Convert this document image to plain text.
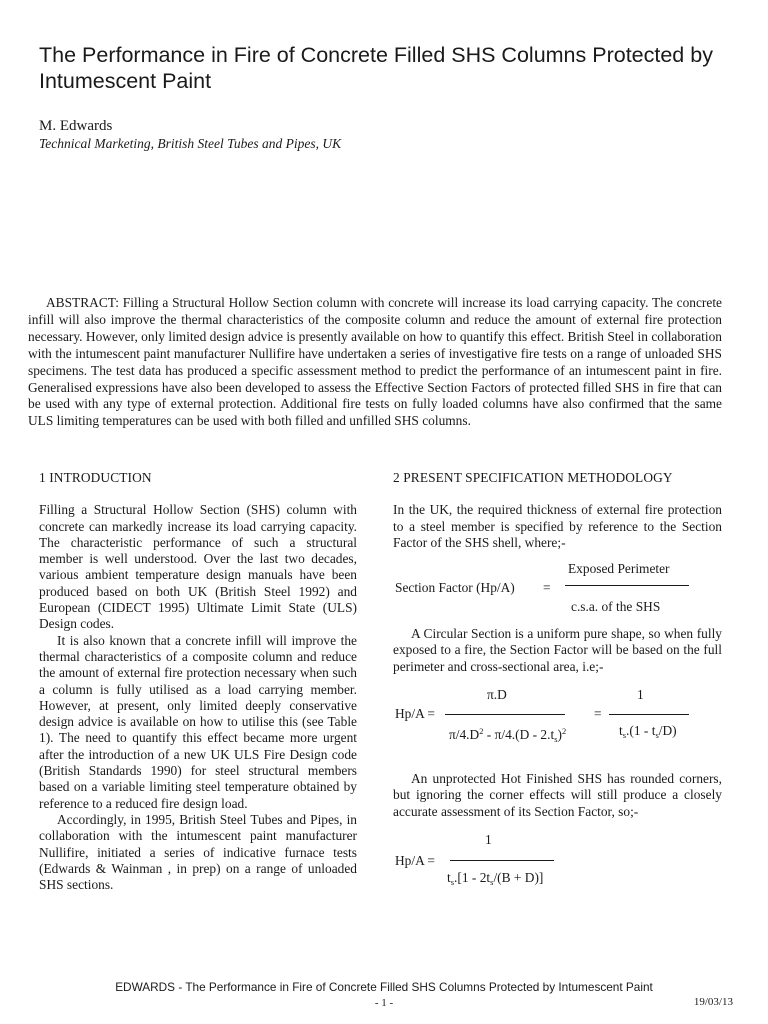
The Performance in Fire of Concrete Filled SHS Columns Protected by Intumescent Paint
M. Edwards
Technical Marketing, British Steel Tubes and Pipes, UK

ABSTRACT: Filling a Structural Hollow Section column with concrete will increase its load carrying capacity. The concrete infill will also improve the thermal characteristics of the composite column and reduce the amount of external fire protection necessary. However, only limited design advice is presently available on how to quantify this effect. British Steel in collaboration with the intumescent paint manufacturer Nullifire have undertaken a series of investigative fire tests on a range of unloaded SHS specimens. The test data has produced a specific assessment method to predict the performance of an intumescent paint in fire. Generalised expressions have also been developed to assess the Effective Section Factors of protected filled SHS in fire that can be used with any type of external protection. Additional fire tests on fully loaded columns have also confirmed that the same ULS limiting temperatures can be used with both filled and unfilled SHS columns.

1 INTRODUCTION

Filling a Structural Hollow Section (SHS) column with concrete can markedly increase its load carrying capacity. The characteristic performance of such a structural member is well understood. Over the last two decades, various ambient temperature design manuals have been produced based on both UK (British Steel 1992) and European (CIDECT 1995) Ultimate Limit State (ULS) Design codes.

It is also known that a concrete infill will improve the thermal characteristics of a composite column and reduce the amount of external fire protection necessary when such a column is fully utilised as a load carrying member. However, at present, only limited deeply conservative design advice is available on how to utilise this (see Table 1). The need to quantify this effect became more urgent after the introduction of a new UK ULS Fire Design code (British Standards 1990) for steel structural members based on a variable limiting steel temperature obtained by reference to a reduced fire design load.

Accordingly, in 1995, British Steel Tubes and Pipes, in collaboration with the intumescent paint manufacturer Nullifire, initiated a series of indicative furnace tests (Edwards & Wainman , in prep) on a range of unloaded SHS sections.

2 PRESENT SPECIFICATION METHODOLOGY

In the UK, the required thickness of external fire protection to a steel member is specified by reference to the Section Factor of the SHS shell, where;-

Exposed Perimeter
Section Factor (Hp/A) =
c.s.a. of the SHS

A Circular Section is a uniform pure shape, so when fully exposed to a fire, the Section Factor will be based on the full perimeter and cross-sectional area, i.e;-

π.D	1
Hp/A =	=
$\pi/4.D^2 - \pi/4.(D - 2.t_s)^2$	$t_s.(1 - t_s/D)$

An unprotected Hot Finished SHS has rounded corners, but ignoring the corner effects will still produce a closely accurate assessment of its Section Factor, so;-

1
Hp/A =
$t_s.[1 - 2t_s/(B + D)]$
EDWARDS - The Performance in Fire of Concrete Filled SHS Columns Protected by Intumescent Paint
- 1 -	19/03/13
